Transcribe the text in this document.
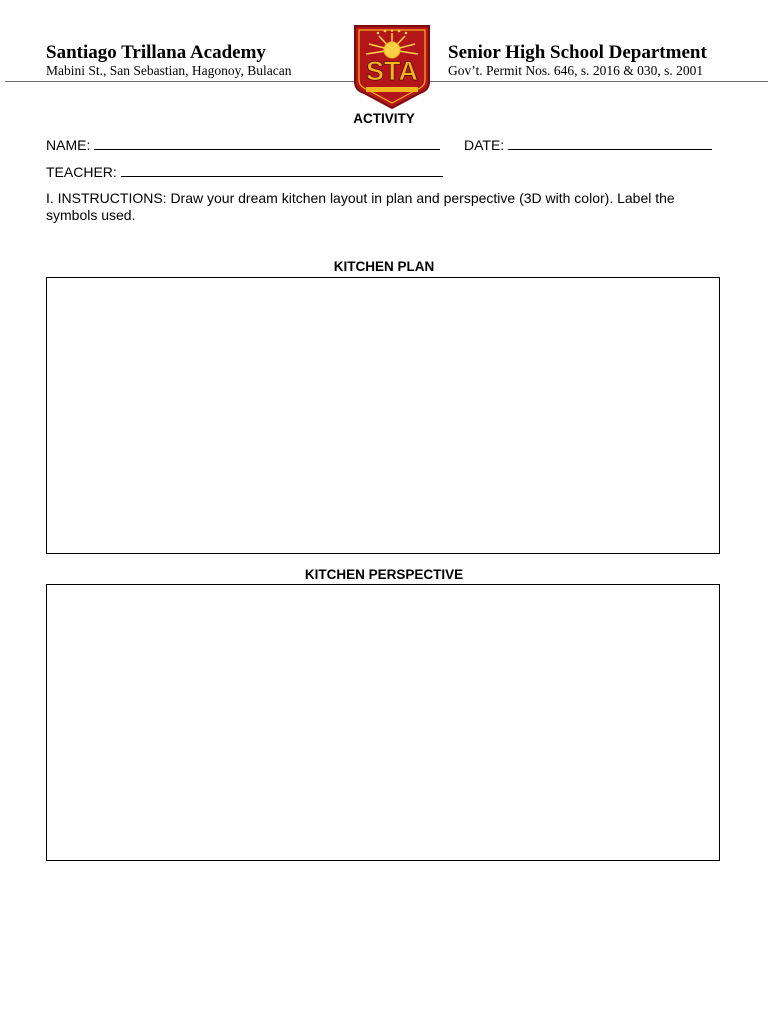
Santiago Trillana Academy
Mabini St., San Sebastian, Hagonoy, Bulacan
Senior High School Department
Gov’t. Permit Nos. 646, s. 2016 & 030, s. 2001
STA
ACTIVITY
NAME:	DATE:
TEACHER:
I. INSTRUCTIONS: Draw your dream kitchen layout in plan and perspective (3D with color). Label the symbols used.
KITCHEN PLAN
KITCHEN PERSPECTIVE
